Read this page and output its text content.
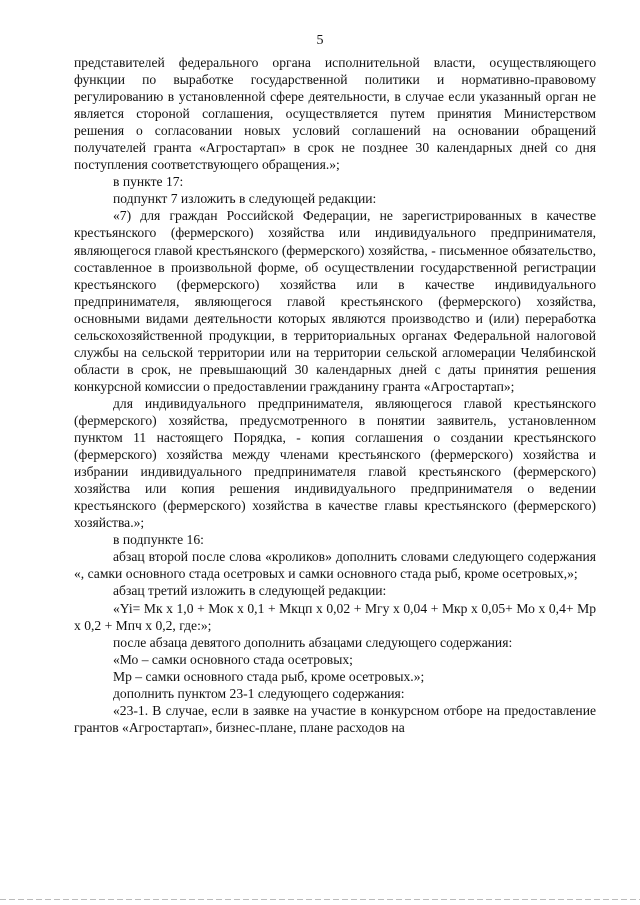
5

представителей федерального органа исполнительной власти, осуществляющего функции по выработке государственной политики и нормативно-правовому регулированию в установленной сфере деятельности, в случае если указанный орган не является стороной соглашения, осуществляется путем принятия Министерством решения о согласовании новых условий соглашений на основании обращений получателей гранта «Агростартап» в срок не позднее 30 календарных дней со дня поступления соответствующего обращения.»;

в пункте 17:

подпункт 7 изложить в следующей редакции:

«7) для граждан Российской Федерации, не зарегистрированных в качестве крестьянского (фермерского) хозяйства или индивидуального предпринимателя, являющегося главой крестьянского (фермерского) хозяйства, - письменное обязательство, составленное в произвольной форме, об осуществлении государственной регистрации крестьянского (фермерского) хозяйства или в качестве индивидуального предпринимателя, являющегося главой крестьянского (фермерского) хозяйства, основными видами деятельности которых являются производство и (или) переработка сельскохозяйственной продукции, в территориальных органах Федеральной налоговой службы на сельской территории или на территории сельской агломерации Челябинской области в срок, не превышающий 30 календарных дней с даты принятия решения конкурсной комиссии о предоставлении гражданину гранта «Агростартап»;

для индивидуального предпринимателя, являющегося главой крестьянского (фермерского) хозяйства, предусмотренного в понятии заявитель, установленном пунктом 11 настоящего Порядка, - копия соглашения о создании крестьянского (фермерского) хозяйства между членами крестьянского (фермерского) хозяйства и избрании индивидуального предпринимателя главой крестьянского (фермерского) хозяйства или копия решения индивидуального предпринимателя о ведении крестьянского (фермерского) хозяйства в качестве главы крестьянского (фермерского) хозяйства.»;

в подпункте 16:

абзац второй после слова «кроликов» дополнить словами следующего содержания «, самки основного стада осетровых и самки основного стада рыб, кроме осетровых,»;

абзац третий изложить в следующей редакции:

«Yi= Мк x 1,0 + Мок x 0,1 + Мкцп x 0,02 + Мгу x 0,04 + Мкр x 0,05+ Мо x 0,4+ Мр x 0,2 + Мпч x 0,2, где:»;

после абзаца девятого дополнить абзацами следующего содержания:

«Мо – самки основного стада осетровых;

Мр – самки основного стада рыб, кроме осетровых.»;

дополнить пунктом 23-1 следующего содержания:

«23-1. В случае, если в заявке на участие в конкурсном отборе на предоставление грантов «Агростартап», бизнес-плане, плане расходов на
